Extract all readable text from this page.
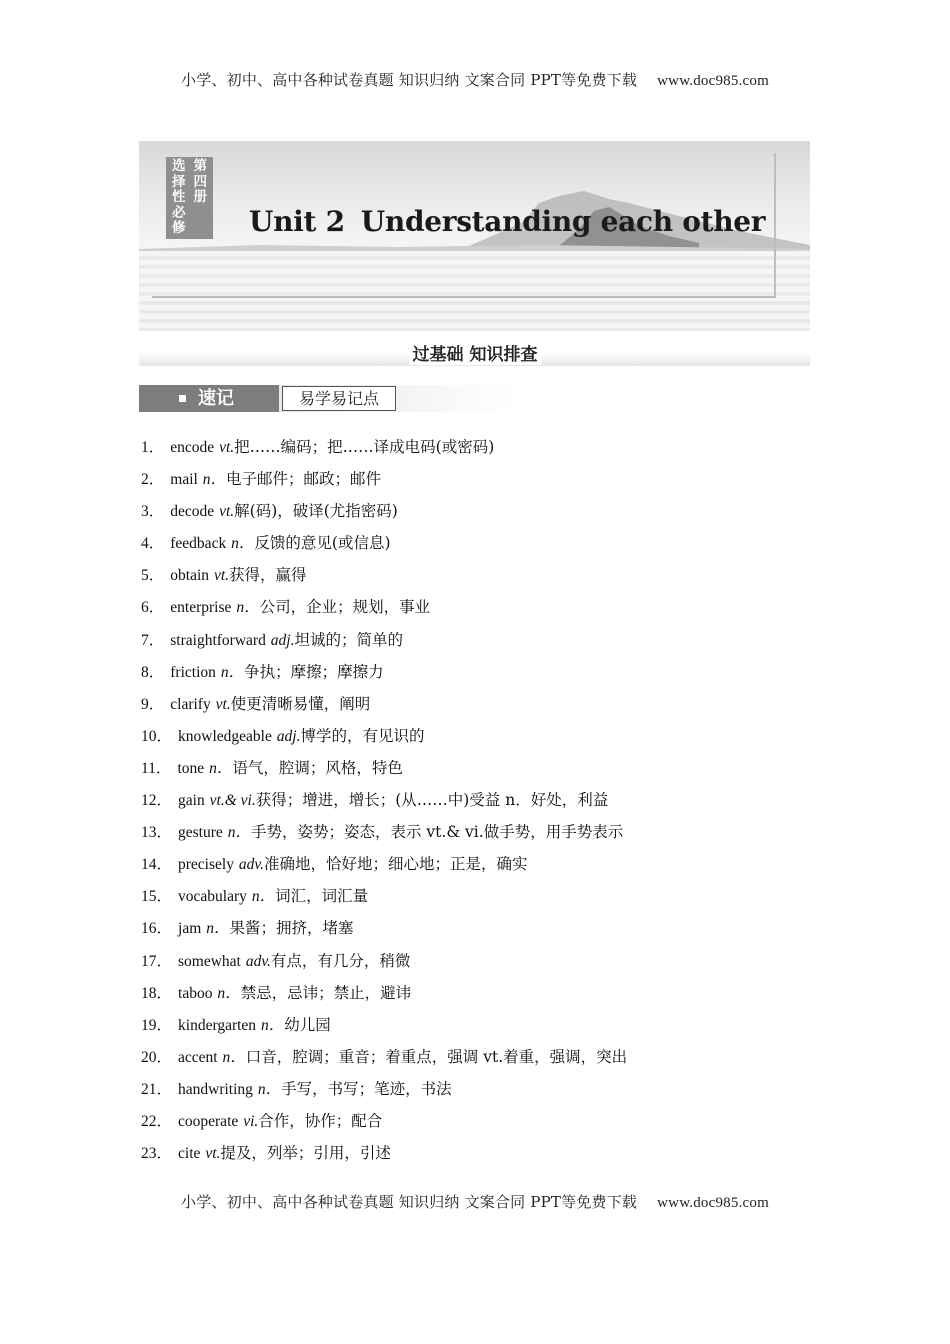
小学、初中、高中各种试卷真题 知识归纳 文案合同 PPT等免费下载 www.doc985.com
选择性必修
第四册
Unit 2 Understanding each other
过基础 知识排查
速记	易学易记点
1． encode vt.把……编码；把……译成电码(或密码)
2． mail n．电子邮件；邮政；邮件
3． decode vt.解(码)，破译(尤指密码)
4． feedback n．反馈的意见(或信息)
5． obtain vt.获得，赢得
6． enterprise n．公司，企业；规划，事业
7． straightforward adj.坦诚的；简单的
8． friction n．争执；摩擦；摩擦力
9． clarify vt.使更清晰易懂，阐明
10． knowledgeable adj.博学的，有见识的
11． tone n．语气，腔调；风格，特色
12． gain vt.& vi.获得；增进，增长；(从……中)受益 n．好处，利益
13． gesture n．手势，姿势；姿态，表示 vt.& vi.做手势，用手势表示
14． precisely adv.准确地，恰好地；细心地；正是，确实
15． vocabulary n．词汇，词汇量
16． jam n．果酱；拥挤，堵塞
17． somewhat adv.有点，有几分，稍微
18． taboo n．禁忌，忌讳；禁止，避讳
19． kindergarten n．幼儿园
20． accent n．口音，腔调；重音；着重点，强调 vt.着重，强调，突出
21． handwriting n．手写，书写；笔迹，书法
22． cooperate vi.合作，协作；配合
23． cite vt.提及，列举；引用，引述
小学、初中、高中各种试卷真题 知识归纳 文案合同 PPT等免费下载 www.doc985.com
